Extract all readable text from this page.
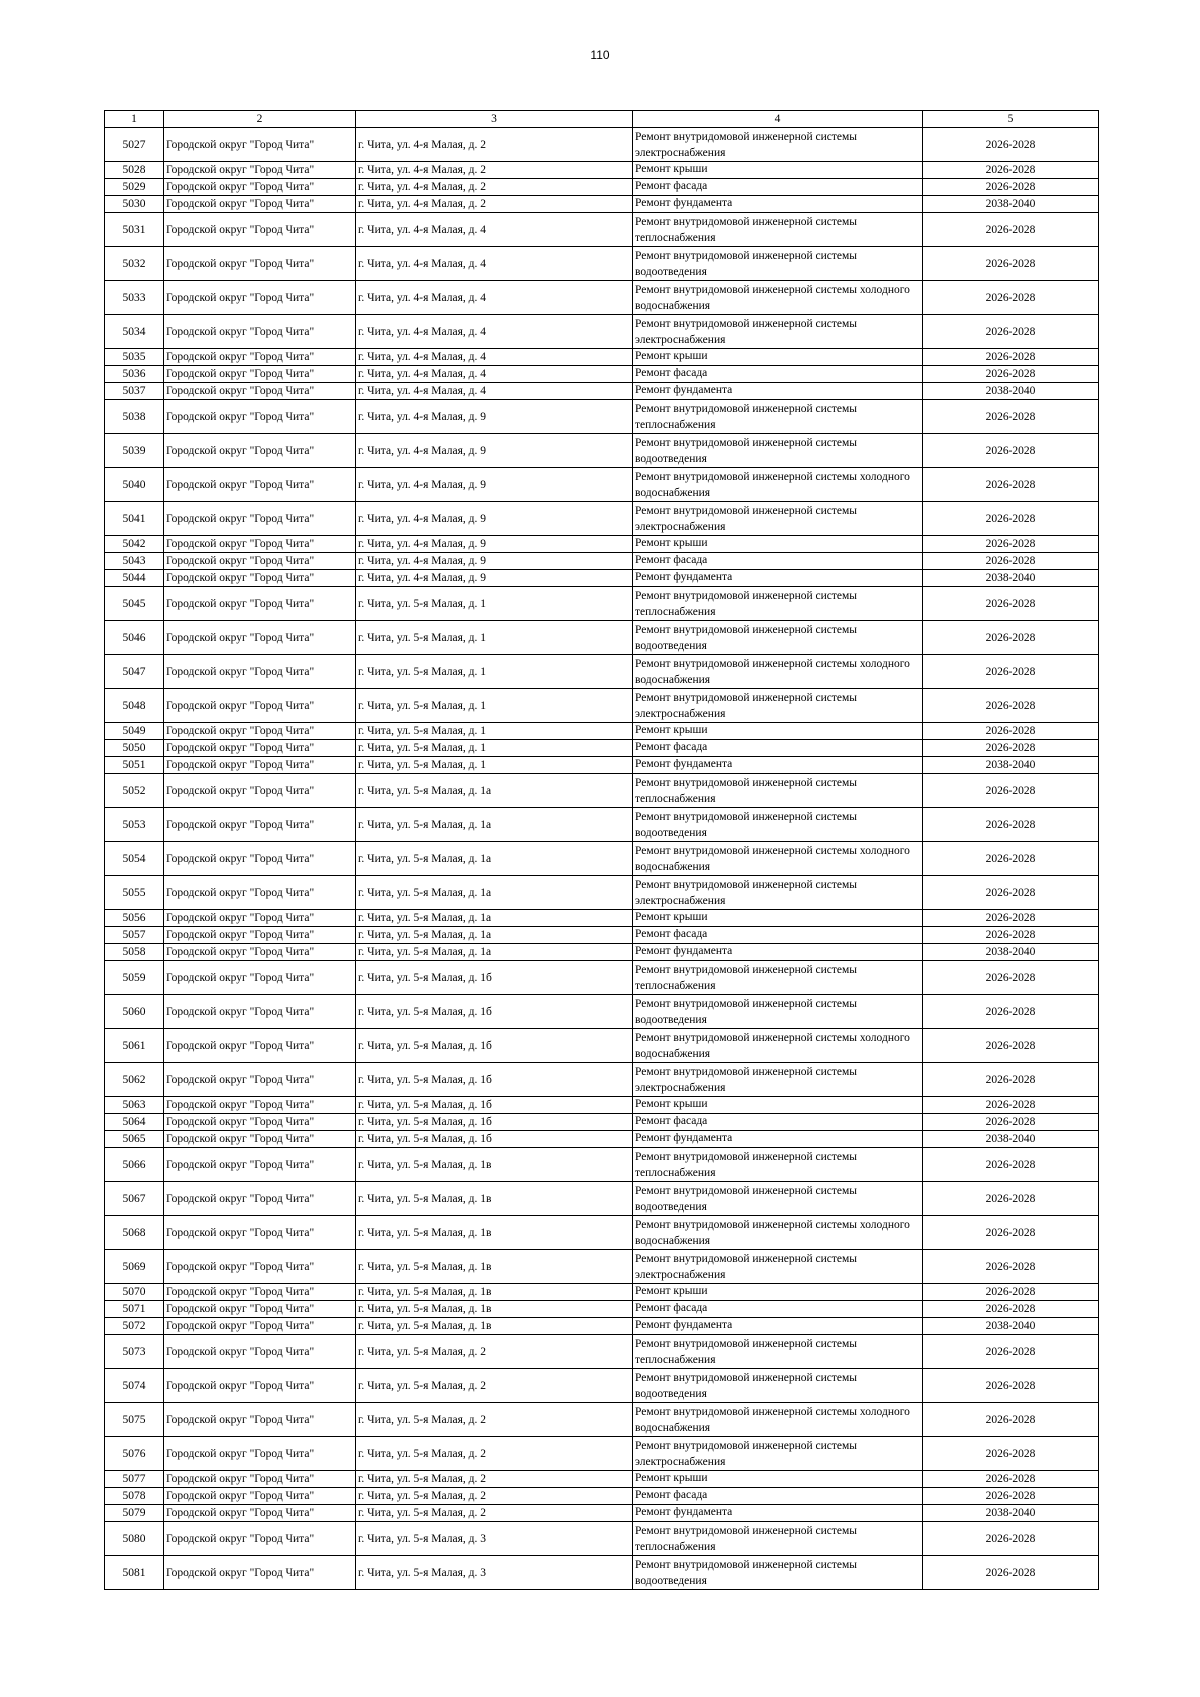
110
1	2	3	4	5
5027	Городской округ "Город Чита"	г. Чита, ул. 4-я Малая, д. 2	Ремонт внутридомовой инженерной системы электроснабжения	2026-2028
5028	Городской округ "Город Чита"	г. Чита, ул. 4-я Малая, д. 2	Ремонт крыши	2026-2028
5029	Городской округ "Город Чита"	г. Чита, ул. 4-я Малая, д. 2	Ремонт фасада	2026-2028
5030	Городской округ "Город Чита"	г. Чита, ул. 4-я Малая, д. 2	Ремонт фундамента	2038-2040
5031	Городской округ "Город Чита"	г. Чита, ул. 4-я Малая, д. 4	Ремонт внутридомовой инженерной системы теплоснабжения	2026-2028
5032	Городской округ "Город Чита"	г. Чита, ул. 4-я Малая, д. 4	Ремонт внутридомовой инженерной системы водоотведения	2026-2028
5033	Городской округ "Город Чита"	г. Чита, ул. 4-я Малая, д. 4	Ремонт внутридомовой инженерной системы холодного водоснабжения	2026-2028
5034	Городской округ "Город Чита"	г. Чита, ул. 4-я Малая, д. 4	Ремонт внутридомовой инженерной системы электроснабжения	2026-2028
5035	Городской округ "Город Чита"	г. Чита, ул. 4-я Малая, д. 4	Ремонт крыши	2026-2028
5036	Городской округ "Город Чита"	г. Чита, ул. 4-я Малая, д. 4	Ремонт фасада	2026-2028
5037	Городской округ "Город Чита"	г. Чита, ул. 4-я Малая, д. 4	Ремонт фундамента	2038-2040
5038	Городской округ "Город Чита"	г. Чита, ул. 4-я Малая, д. 9	Ремонт внутридомовой инженерной системы теплоснабжения	2026-2028
5039	Городской округ "Город Чита"	г. Чита, ул. 4-я Малая, д. 9	Ремонт внутридомовой инженерной системы водоотведения	2026-2028
5040	Городской округ "Город Чита"	г. Чита, ул. 4-я Малая, д. 9	Ремонт внутридомовой инженерной системы холодного водоснабжения	2026-2028
5041	Городской округ "Город Чита"	г. Чита, ул. 4-я Малая, д. 9	Ремонт внутридомовой инженерной системы электроснабжения	2026-2028
5042	Городской округ "Город Чита"	г. Чита, ул. 4-я Малая, д. 9	Ремонт крыши	2026-2028
5043	Городской округ "Город Чита"	г. Чита, ул. 4-я Малая, д. 9	Ремонт фасада	2026-2028
5044	Городской округ "Город Чита"	г. Чита, ул. 4-я Малая, д. 9	Ремонт фундамента	2038-2040
5045	Городской округ "Город Чита"	г. Чита, ул. 5-я Малая, д. 1	Ремонт внутридомовой инженерной системы теплоснабжения	2026-2028
5046	Городской округ "Город Чита"	г. Чита, ул. 5-я Малая, д. 1	Ремонт внутридомовой инженерной системы водоотведения	2026-2028
5047	Городской округ "Город Чита"	г. Чита, ул. 5-я Малая, д. 1	Ремонт внутридомовой инженерной системы холодного водоснабжения	2026-2028
5048	Городской округ "Город Чита"	г. Чита, ул. 5-я Малая, д. 1	Ремонт внутридомовой инженерной системы электроснабжения	2026-2028
5049	Городской округ "Город Чита"	г. Чита, ул. 5-я Малая, д. 1	Ремонт крыши	2026-2028
5050	Городской округ "Город Чита"	г. Чита, ул. 5-я Малая, д. 1	Ремонт фасада	2026-2028
5051	Городской округ "Город Чита"	г. Чита, ул. 5-я Малая, д. 1	Ремонт фундамента	2038-2040
5052	Городской округ "Город Чита"	г. Чита, ул. 5-я Малая, д. 1а	Ремонт внутридомовой инженерной системы теплоснабжения	2026-2028
5053	Городской округ "Город Чита"	г. Чита, ул. 5-я Малая, д. 1а	Ремонт внутридомовой инженерной системы водоотведения	2026-2028
5054	Городской округ "Город Чита"	г. Чита, ул. 5-я Малая, д. 1а	Ремонт внутридомовой инженерной системы холодного водоснабжения	2026-2028
5055	Городской округ "Город Чита"	г. Чита, ул. 5-я Малая, д. 1а	Ремонт внутридомовой инженерной системы электроснабжения	2026-2028
5056	Городской округ "Город Чита"	г. Чита, ул. 5-я Малая, д. 1а	Ремонт крыши	2026-2028
5057	Городской округ "Город Чита"	г. Чита, ул. 5-я Малая, д. 1а	Ремонт фасада	2026-2028
5058	Городской округ "Город Чита"	г. Чита, ул. 5-я Малая, д. 1а	Ремонт фундамента	2038-2040
5059	Городской округ "Город Чита"	г. Чита, ул. 5-я Малая, д. 1б	Ремонт внутридомовой инженерной системы теплоснабжения	2026-2028
5060	Городской округ "Город Чита"	г. Чита, ул. 5-я Малая, д. 1б	Ремонт внутридомовой инженерной системы водоотведения	2026-2028
5061	Городской округ "Город Чита"	г. Чита, ул. 5-я Малая, д. 1б	Ремонт внутридомовой инженерной системы холодного водоснабжения	2026-2028
5062	Городской округ "Город Чита"	г. Чита, ул. 5-я Малая, д. 1б	Ремонт внутридомовой инженерной системы электроснабжения	2026-2028
5063	Городской округ "Город Чита"	г. Чита, ул. 5-я Малая, д. 1б	Ремонт крыши	2026-2028
5064	Городской округ "Город Чита"	г. Чита, ул. 5-я Малая, д. 1б	Ремонт фасада	2026-2028
5065	Городской округ "Город Чита"	г. Чита, ул. 5-я Малая, д. 1б	Ремонт фундамента	2038-2040
5066	Городской округ "Город Чита"	г. Чита, ул. 5-я Малая, д. 1в	Ремонт внутридомовой инженерной системы теплоснабжения	2026-2028
5067	Городской округ "Город Чита"	г. Чита, ул. 5-я Малая, д. 1в	Ремонт внутридомовой инженерной системы водоотведения	2026-2028
5068	Городской округ "Город Чита"	г. Чита, ул. 5-я Малая, д. 1в	Ремонт внутридомовой инженерной системы холодного водоснабжения	2026-2028
5069	Городской округ "Город Чита"	г. Чита, ул. 5-я Малая, д. 1в	Ремонт внутридомовой инженерной системы электроснабжения	2026-2028
5070	Городской округ "Город Чита"	г. Чита, ул. 5-я Малая, д. 1в	Ремонт крыши	2026-2028
5071	Городской округ "Город Чита"	г. Чита, ул. 5-я Малая, д. 1в	Ремонт фасада	2026-2028
5072	Городской округ "Город Чита"	г. Чита, ул. 5-я Малая, д. 1в	Ремонт фундамента	2038-2040
5073	Городской округ "Город Чита"	г. Чита, ул. 5-я Малая, д. 2	Ремонт внутридомовой инженерной системы теплоснабжения	2026-2028
5074	Городской округ "Город Чита"	г. Чита, ул. 5-я Малая, д. 2	Ремонт внутридомовой инженерной системы водоотведения	2026-2028
5075	Городской округ "Город Чита"	г. Чита, ул. 5-я Малая, д. 2	Ремонт внутридомовой инженерной системы холодного водоснабжения	2026-2028
5076	Городской округ "Город Чита"	г. Чита, ул. 5-я Малая, д. 2	Ремонт внутридомовой инженерной системы электроснабжения	2026-2028
5077	Городской округ "Город Чита"	г. Чита, ул. 5-я Малая, д. 2	Ремонт крыши	2026-2028
5078	Городской округ "Город Чита"	г. Чита, ул. 5-я Малая, д. 2	Ремонт фасада	2026-2028
5079	Городской округ "Город Чита"	г. Чита, ул. 5-я Малая, д. 2	Ремонт фундамента	2038-2040
5080	Городской округ "Город Чита"	г. Чита, ул. 5-я Малая, д. 3	Ремонт внутридомовой инженерной системы теплоснабжения	2026-2028
5081	Городской округ "Город Чита"	г. Чита, ул. 5-я Малая, д. 3	Ремонт внутридомовой инженерной системы водоотведения	2026-2028
